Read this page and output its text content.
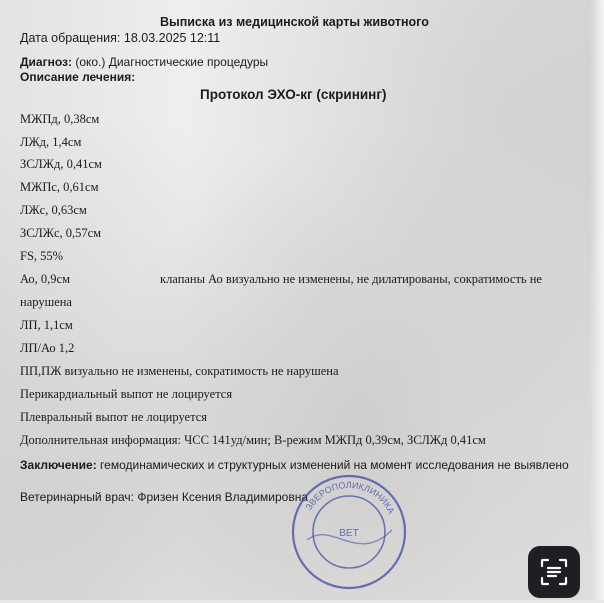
Выписка из медицинской карты животного
Дата обращения: 18.03.2025 12:11
Диагноз: (око.) Диагностические процедуры
Описание лечения:
Протокол ЭХО-кг (скрининг)
МЖПд, 0,38см
ЛЖд, 1,4см
ЗСЛЖд, 0,41см
МЖПс, 0,61см
ЛЖс, 0,63см
ЗСЛЖс, 0,57см
FS, 55%
Ао, 0,9см	клапаны Ао визуально не изменены, не дилатированы, сократимость не
нарушена
ЛП, 1,1см
ЛП/Ао 1,2
ПП,ПЖ визуально не изменены, сократимость не нарушена
Перикардиальный выпот не лоцируется
Плевральный выпот не лоцируется
Дополнительная информация: ЧСС 141уд/мин; В-режим МЖПд 0,39см, ЗСЛЖд 0,41см
Заключение: гемодинамических и структурных изменений на момент исследования не выявлено
Ветеринарный врач: Фризен Ксения Владимировна
ЗВЕРОПОЛИКЛИНИКА
ВЕТ
